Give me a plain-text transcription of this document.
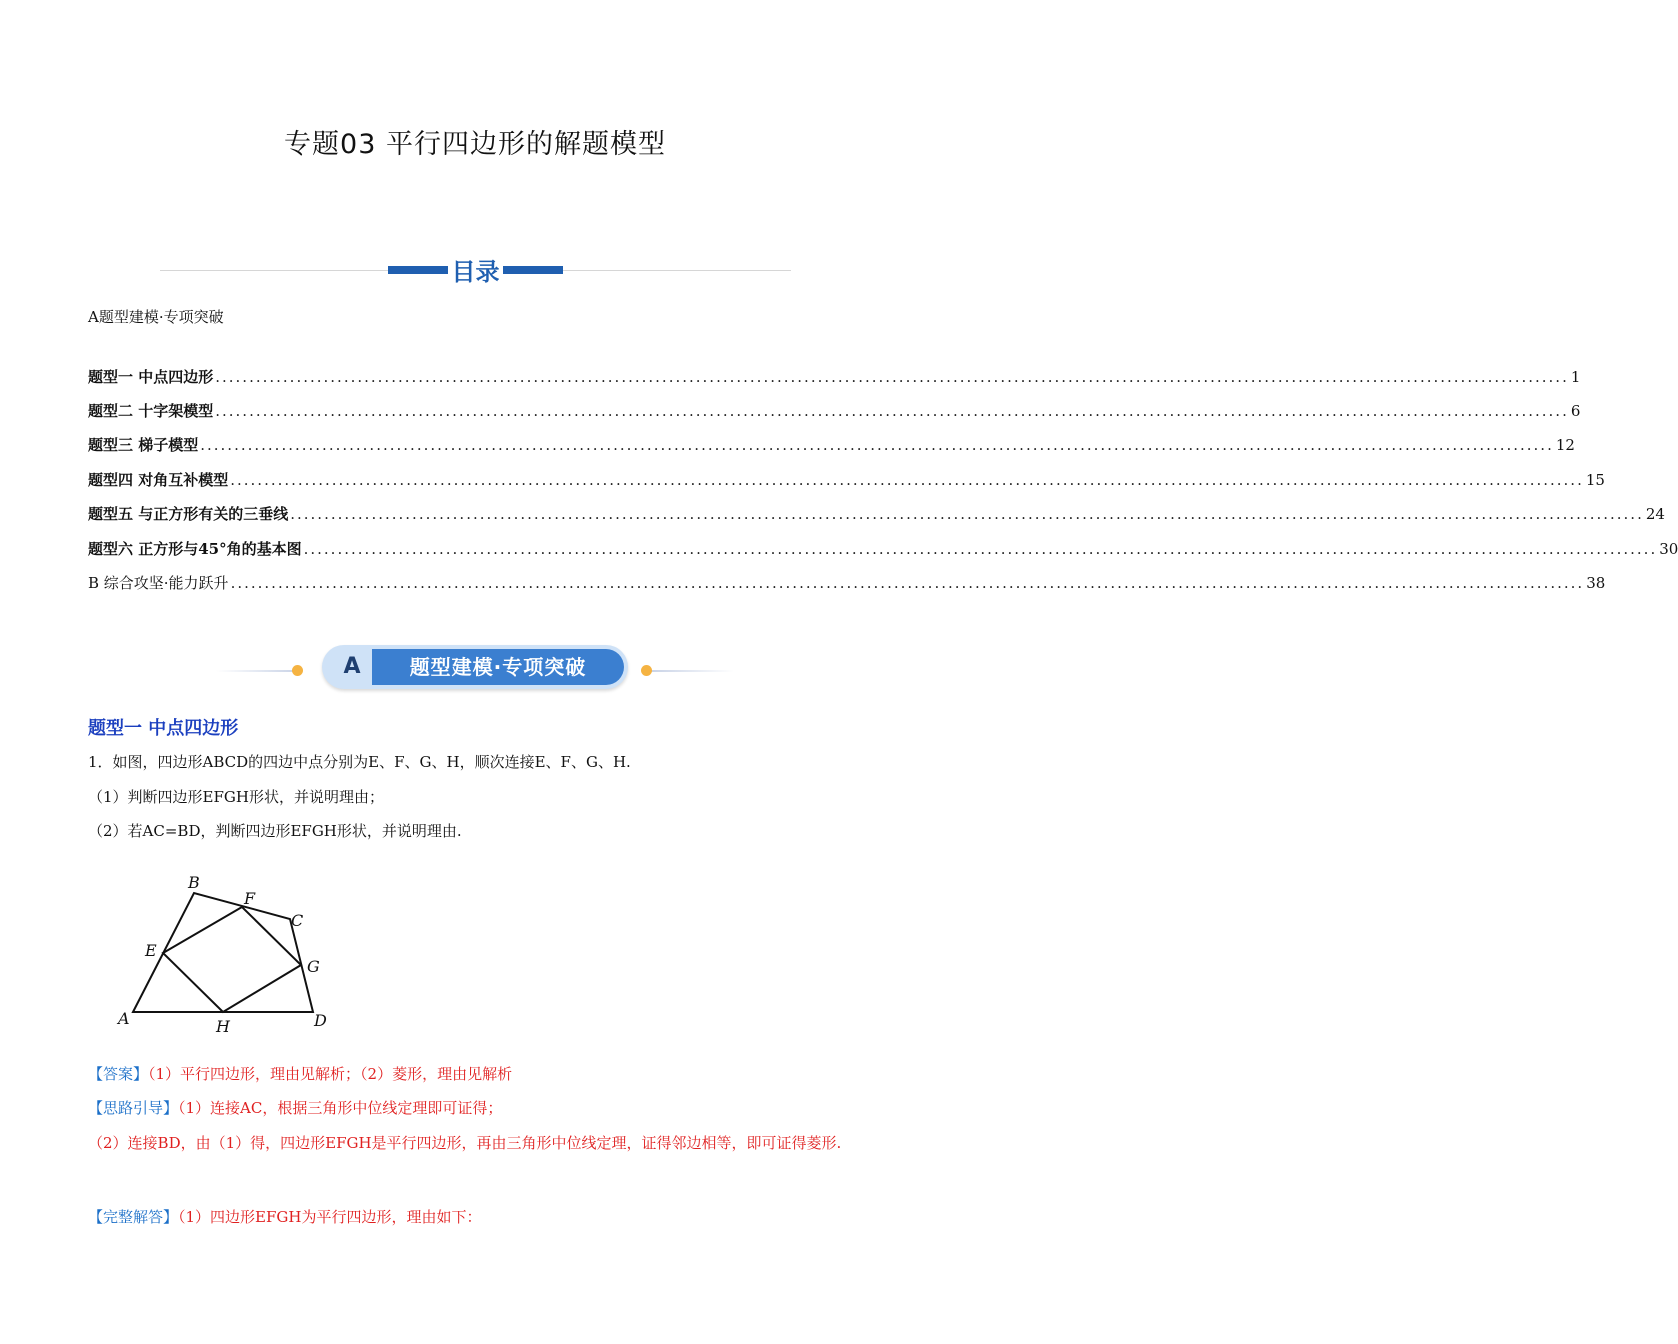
专题03 平行四边形的解题模型
目录
A题型建模·专项突破
题型一 中点四边形 ........................................................................................................................................................................................................ 1
题型二 十字架模型 ........................................................................................................................................................................................................ 6
题型三 梯子模型 ........................................................................................................................................................................................................ 12
题型四 对角互补模型 ........................................................................................................................................................................................................ 15
题型五 与正方形有关的三垂线 ........................................................................................................................................................................................................ 24
题型六 正方形与45°角的基本图 ........................................................................................................................................................................................................ 30
B 综合攻坚·能力跃升 ........................................................................................................................................................................................................ 38
A	题型建模·专项突破
题型一 中点四边形
1．如图，四边形ABCD的四边中点分别为E、F、G、H，顺次连接E、F、G、H.
（1）判断四边形EFGH形状，并说明理由；
（2）若AC=BD，判断四边形EFGH形状，并说明理由.
A
B
C
D
E
F
G
H
【答案】（1）平行四边形，理由见解析；（2）菱形，理由见解析
【思路引导】（1）连接AC，根据三角形中位线定理即可证得；
（2）连接BD，由（1）得，四边形EFGH是平行四边形，再由三角形中位线定理，证得邻边相等，即可证得菱形.
【完整解答】（1）四边形EFGH为平行四边形，理由如下：
